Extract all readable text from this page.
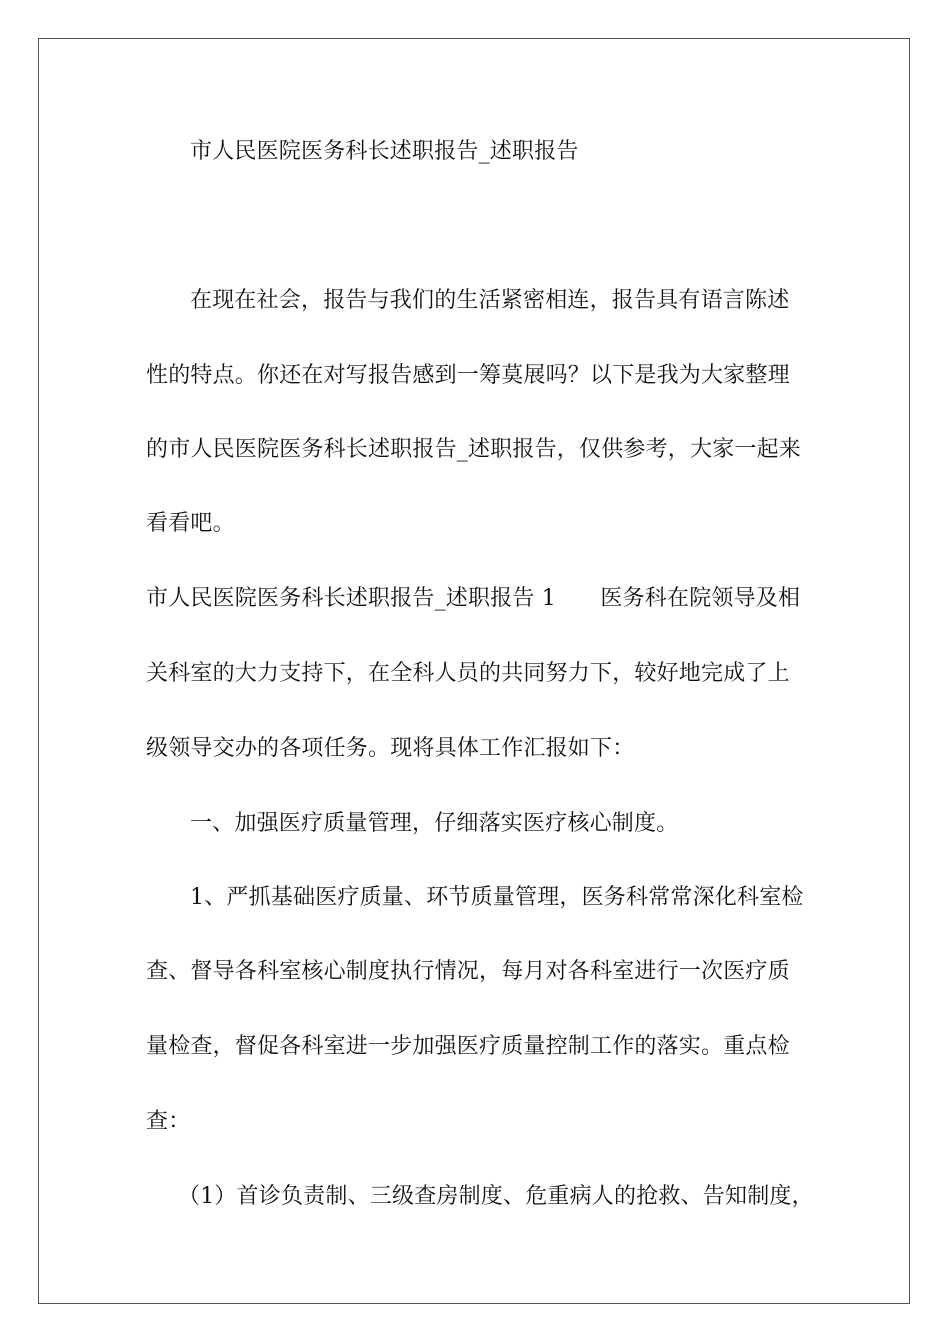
市人民医院医务科长述职报告_述职报告
在现在社会，报告与我们的生活紧密相连，报告具有语言陈述
性的特点。你还在对写报告感到一筹莫展吗？以下是我为大家整理
的市人民医院医务科长述职报告_述职报告，仅供参考，大家一起来
看看吧。
市人民医院医务科长述职报告_述职报告 1　　医务科在院领导及相
关科室的大力支持下，在全科人员的共同努力下，较好地完成了上
级领导交办的各项任务。现将具体工作汇报如下：
一、加强医疗质量管理，仔细落实医疗核心制度。
1、严抓基础医疗质量、环节质量管理，医务科常常深化科室检
查、督导各科室核心制度执行情况，每月对各科室进行一次医疗质
量检查，督促各科室进一步加强医疗质量控制工作的落实。重点检
查：
（1）首诊负责制、三级查房制度、危重病人的抢救、告知制度，
